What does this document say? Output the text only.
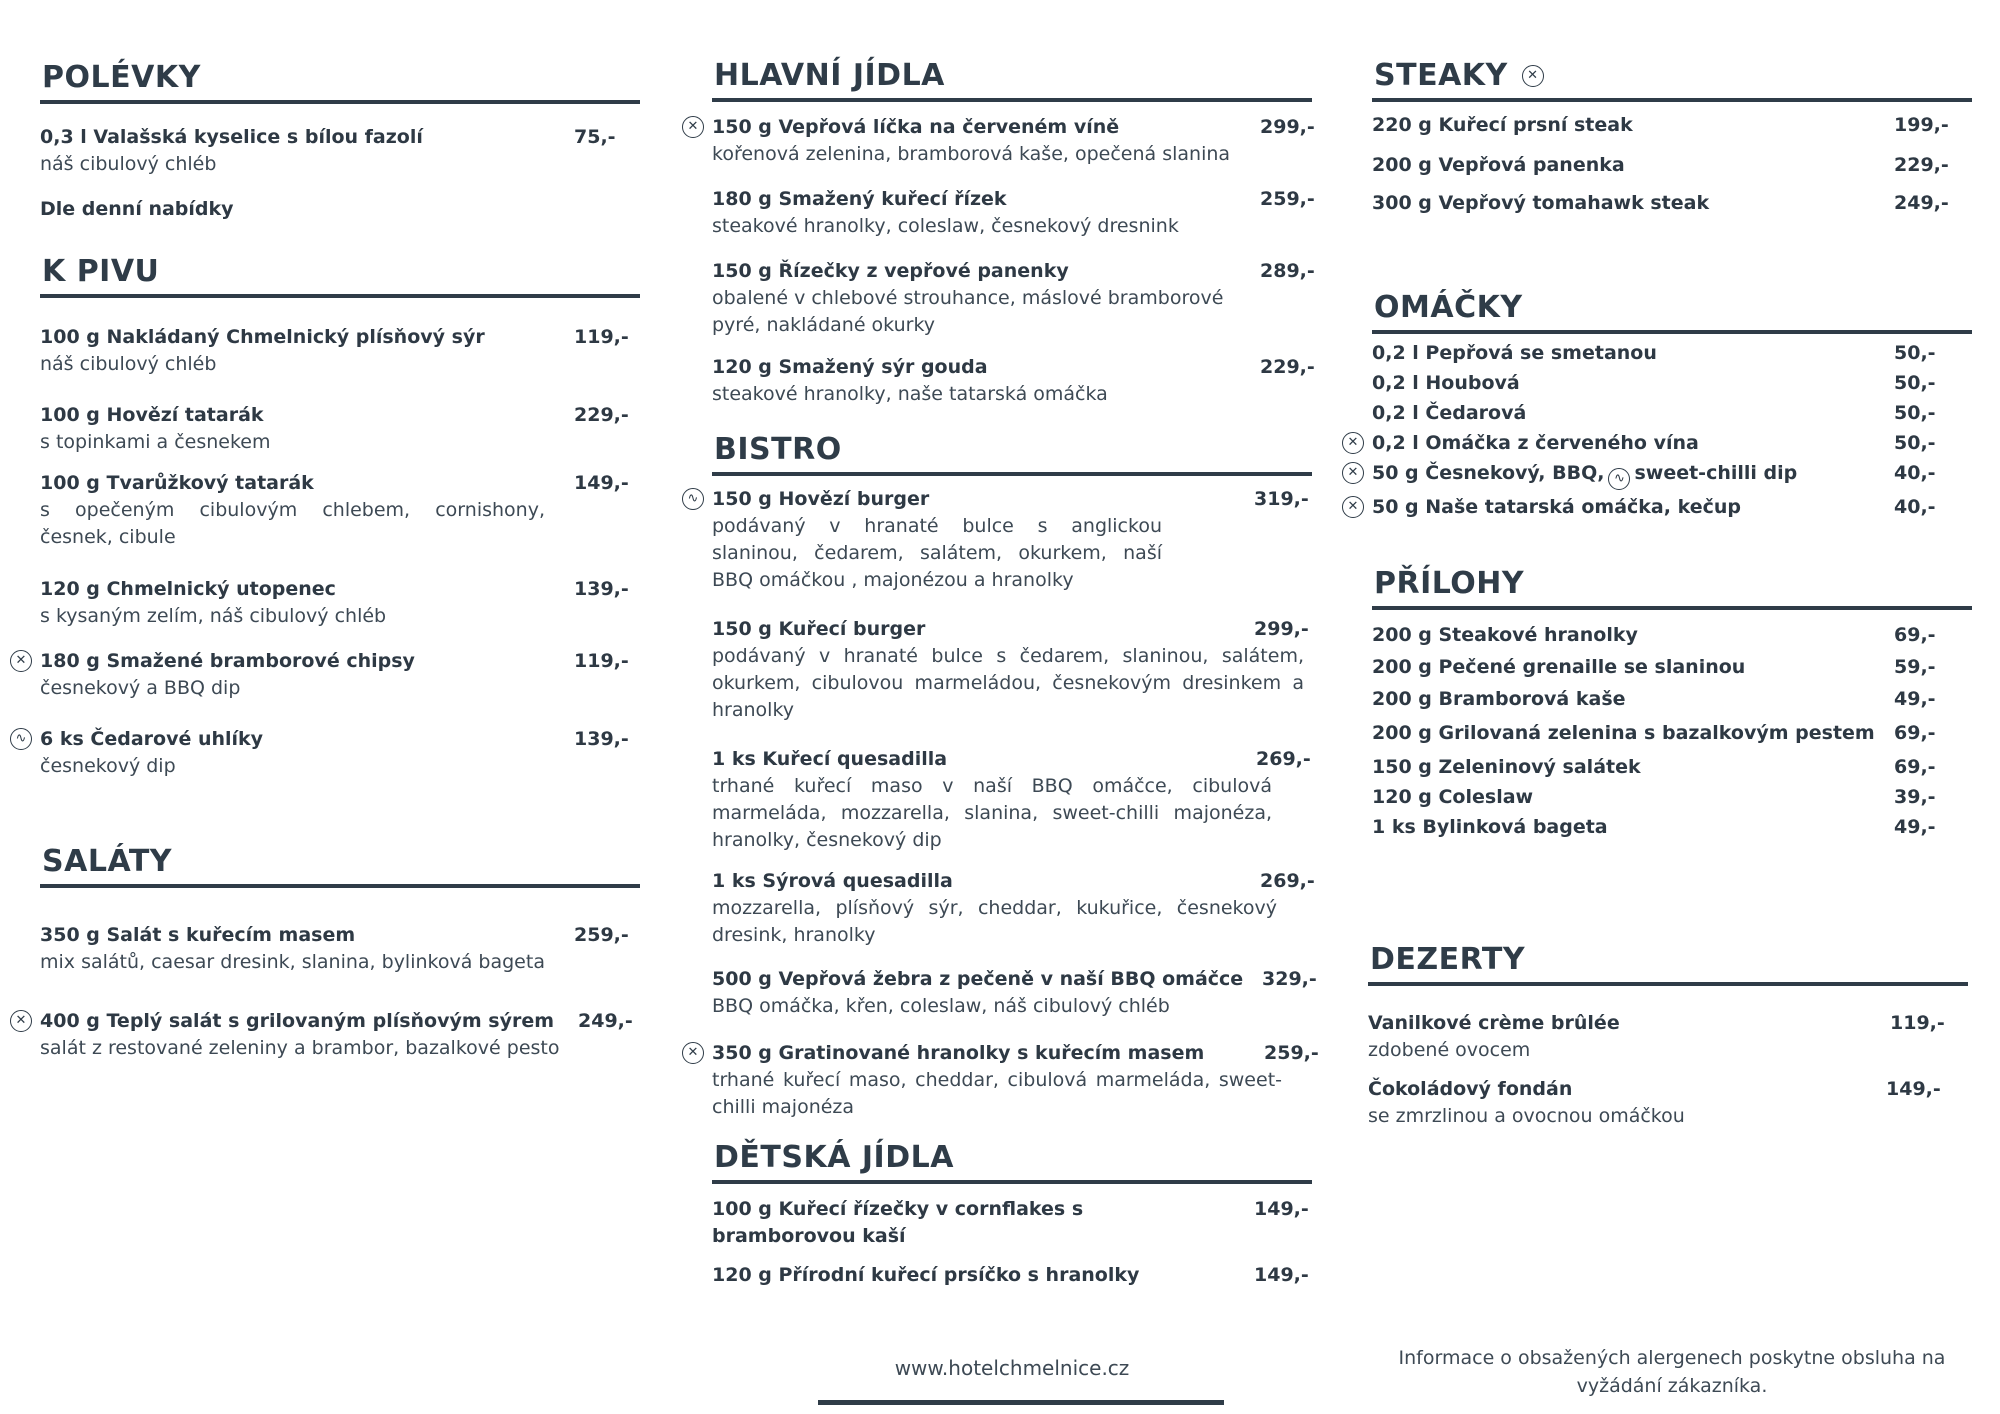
POLÉVKY
0,3 l Valašská kyselice s bílou fazolí
náš cibulový chléb
75,-
Dle denní nabídky
K PIVU
100 g Nakládaný Chmelnický plísňový sýr
náš cibulový chléb
119,-
100 g Hovězí tatarák
s topinkami a česnekem
229,-
100 g Tvarůžkový tatarák
s opečeným cibulovým chlebem, cornishony, česnek, cibule
149,-
120 g Chmelnický utopenec
s kysaným zelím, náš cibulový chléb
139,-
✕ 180 g Smažené bramborové chipsy
česnekový a BBQ dip
119,-
∿ 6 ks Čedarové uhlíky
česnekový dip
139,-
SALÁTY
350 g Salát s kuřecím masem
mix salátů, caesar dresink, slanina, bylinková bageta
259,-
✕ 400 g Teplý salát s grilovaným plísňovým sýrem
salát z restované zeleniny a brambor, bazalkové pesto
249,-
HLAVNÍ JÍDLA
✕ 150 g Vepřová líčka na červeném víně
kořenová zelenina, bramborová kaše, opečená slanina
299,-
180 g Smažený kuřecí řízek
steakové hranolky, coleslaw, česnekový dresnink
259,-
150 g Řízečky z vepřové panenky
obalené v chlebové strouhance, máslové bramborové pyré, nakládané okurky
289,-
120 g Smažený sýr gouda
steakové hranolky, naše tatarská omáčka
229,-
BISTRO
∿ 150 g Hovězí burger
podávaný v hranaté bulce s anglickou slaninou, čedarem, salátem, okurkem, naší BBQ omáčkou , majonézou a hranolky
319,-
150 g Kuřecí burger
podávaný v hranaté bulce s čedarem, slaninou, salátem, okurkem, cibulovou marmeládou, česnekovým dresinkem a hranolky
299,-
1 ks Kuřecí quesadilla
trhané kuřecí maso v naší BBQ omáčce, cibulová marmeláda, mozzarella, slanina, sweet-chilli majonéza, hranolky, česnekový dip
269,-
1 ks Sýrová quesadilla
mozzarella, plísňový sýr, cheddar, kukuřice, česnekový dresink, hranolky
269,-
500 g Vepřová žebra z pečeně v naší BBQ omáčce
BBQ omáčka, křen, coleslaw, náš cibulový chléb
329,-
✕ 350 g Gratinované hranolky s kuřecím masem
trhané kuřecí maso, cheddar, cibulová marmeláda, sweet-chilli majonéza
259,-
DĚTSKÁ JÍDLA
100 g Kuřecí řízečky v cornflakes s bramborovou kaší
149,-
120 g Přírodní kuřecí prsíčko s hranolky	149,-
STEAKY	✕
220 g Kuřecí prsní steak	199,-
200 g Vepřová panenka	229,-
300 g Vepřový tomahawk steak	249,-
OMÁČKY
0,2 l Pepřová se smetanou	50,-
0,2 l Houbová	50,-
0,2 l Čedarová	50,-
✕ 0,2 l Omáčka z červeného vína	50,-
✕ 50 g Česnekový, BBQ, ∿ sweet-chilli dip	40,-
✕ 50 g Naše tatarská omáčka, kečup	40,-
PŘÍLOHY
200 g Steakové hranolky	69,-
200 g Pečené grenaille se slaninou	59,-
200 g Bramborová kaše	49,-
200 g Grilovaná zelenina s bazalkovým pestem	69,-
150 g Zeleninový salátek	69,-
120 g Coleslaw	39,-
1 ks Bylinková bageta	49,-
DEZERTY
Vanilkové crème brûlée
zdobené ovocem
119,-
Čokoládový fondán
se zmrzlinou a ovocnou omáčkou
149,-
www.hotelchmelnice.cz	Informace o obsažených alergenech poskytne obsluha na vyžádání zákazníka.
